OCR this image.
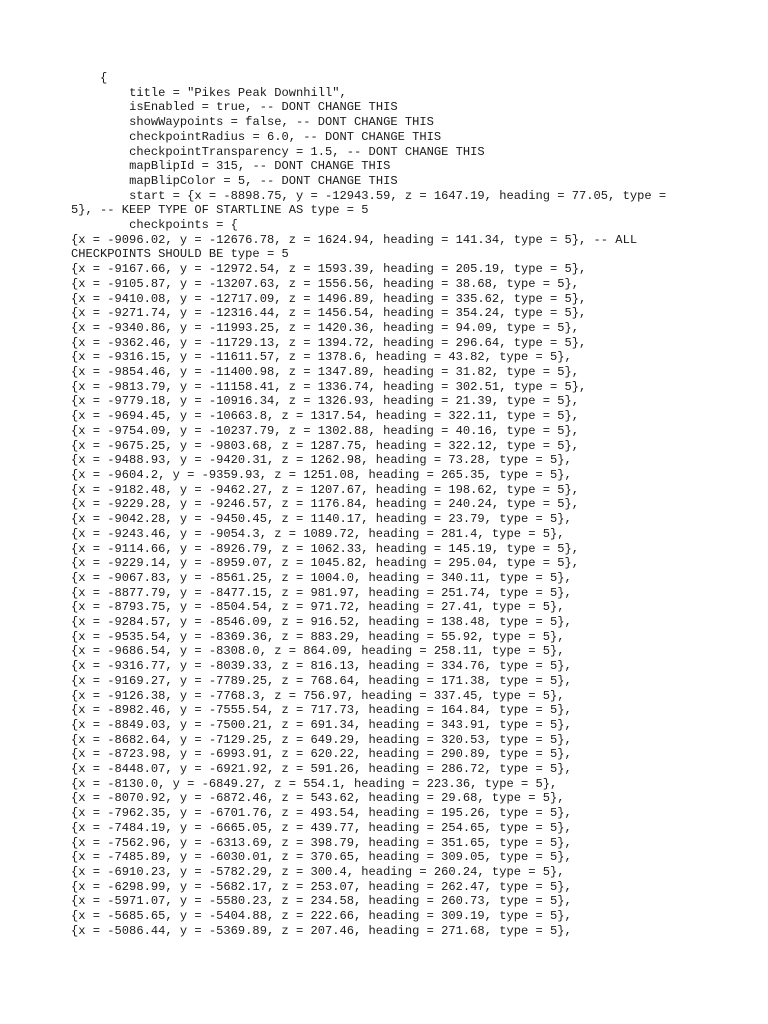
{
title = "Pikes Peak Downhill",
isEnabled = true, -- DONT CHANGE THIS
showWaypoints = false, -- DONT CHANGE THIS
checkpointRadius = 6.0, -- DONT CHANGE THIS
checkpointTransparency = 1.5, -- DONT CHANGE THIS
mapBlipId = 315, -- DONT CHANGE THIS
mapBlipColor = 5, -- DONT CHANGE THIS
start = {x = -8898.75, y = -12943.59, z = 1647.19, heading = 77.05, type = 5}, -- KEEP TYPE OF STARTLINE AS type = 5
checkpoints = {
{x = -9096.02, y = -12676.78, z = 1624.94, heading = 141.34, type = 5}, -- ALL CHECKPOINTS SHOULD BE type = 5
{x = -9167.66, y = -12972.54, z = 1593.39, heading = 205.19, type = 5},
{x = -9105.87, y = -13207.63, z = 1556.56, heading = 38.68, type = 5},
{x = -9410.08, y = -12717.09, z = 1496.89, heading = 335.62, type = 5},
{x = -9271.74, y = -12316.44, z = 1456.54, heading = 354.24, type = 5},
{x = -9340.86, y = -11993.25, z = 1420.36, heading = 94.09, type = 5},
{x = -9362.46, y = -11729.13, z = 1394.72, heading = 296.64, type = 5},
{x = -9316.15, y = -11611.57, z = 1378.6, heading = 43.82, type = 5},
{x = -9854.46, y = -11400.98, z = 1347.89, heading = 31.82, type = 5},
{x = -9813.79, y = -11158.41, z = 1336.74, heading = 302.51, type = 5},
{x = -9779.18, y = -10916.34, z = 1326.93, heading = 21.39, type = 5},
{x = -9694.45, y = -10663.8, z = 1317.54, heading = 322.11, type = 5},
{x = -9754.09, y = -10237.79, z = 1302.88, heading = 40.16, type = 5},
{x = -9675.25, y = -9803.68, z = 1287.75, heading = 322.12, type = 5},
{x = -9488.93, y = -9420.31, z = 1262.98, heading = 73.28, type = 5},
{x = -9604.2, y = -9359.93, z = 1251.08, heading = 265.35, type = 5},
{x = -9182.48, y = -9462.27, z = 1207.67, heading = 198.62, type = 5},
{x = -9229.28, y = -9246.57, z = 1176.84, heading = 240.24, type = 5},
{x = -9042.28, y = -9450.45, z = 1140.17, heading = 23.79, type = 5},
{x = -9243.46, y = -9054.3, z = 1089.72, heading = 281.4, type = 5},
{x = -9114.66, y = -8926.79, z = 1062.33, heading = 145.19, type = 5},
{x = -9229.14, y = -8959.07, z = 1045.82, heading = 295.04, type = 5},
{x = -9067.83, y = -8561.25, z = 1004.0, heading = 340.11, type = 5},
{x = -8877.79, y = -8477.15, z = 981.97, heading = 251.74, type = 5},
{x = -8793.75, y = -8504.54, z = 971.72, heading = 27.41, type = 5},
{x = -9284.57, y = -8546.09, z = 916.52, heading = 138.48, type = 5},
{x = -9535.54, y = -8369.36, z = 883.29, heading = 55.92, type = 5},
{x = -9686.54, y = -8308.0, z = 864.09, heading = 258.11, type = 5},
{x = -9316.77, y = -8039.33, z = 816.13, heading = 334.76, type = 5},
{x = -9169.27, y = -7789.25, z = 768.64, heading = 171.38, type = 5},
{x = -9126.38, y = -7768.3, z = 756.97, heading = 337.45, type = 5},
{x = -8982.46, y = -7555.54, z = 717.73, heading = 164.84, type = 5},
{x = -8849.03, y = -7500.21, z = 691.34, heading = 343.91, type = 5},
{x = -8682.64, y = -7129.25, z = 649.29, heading = 320.53, type = 5},
{x = -8723.98, y = -6993.91, z = 620.22, heading = 290.89, type = 5},
{x = -8448.07, y = -6921.92, z = 591.26, heading = 286.72, type = 5},
{x = -8130.0, y = -6849.27, z = 554.1, heading = 223.36, type = 5},
{x = -8070.92, y = -6872.46, z = 543.62, heading = 29.68, type = 5},
{x = -7962.35, y = -6701.76, z = 493.54, heading = 195.26, type = 5},
{x = -7484.19, y = -6665.05, z = 439.77, heading = 254.65, type = 5},
{x = -7562.96, y = -6313.69, z = 398.79, heading = 351.65, type = 5},
{x = -7485.89, y = -6030.01, z = 370.65, heading = 309.05, type = 5},
{x = -6910.23, y = -5782.29, z = 300.4, heading = 260.24, type = 5},
{x = -6298.99, y = -5682.17, z = 253.07, heading = 262.47, type = 5},
{x = -5971.07, y = -5580.23, z = 234.58, heading = 260.73, type = 5},
{x = -5685.65, y = -5404.88, z = 222.66, heading = 309.19, type = 5},
{x = -5086.44, y = -5369.89, z = 207.46, heading = 271.68, type = 5},
